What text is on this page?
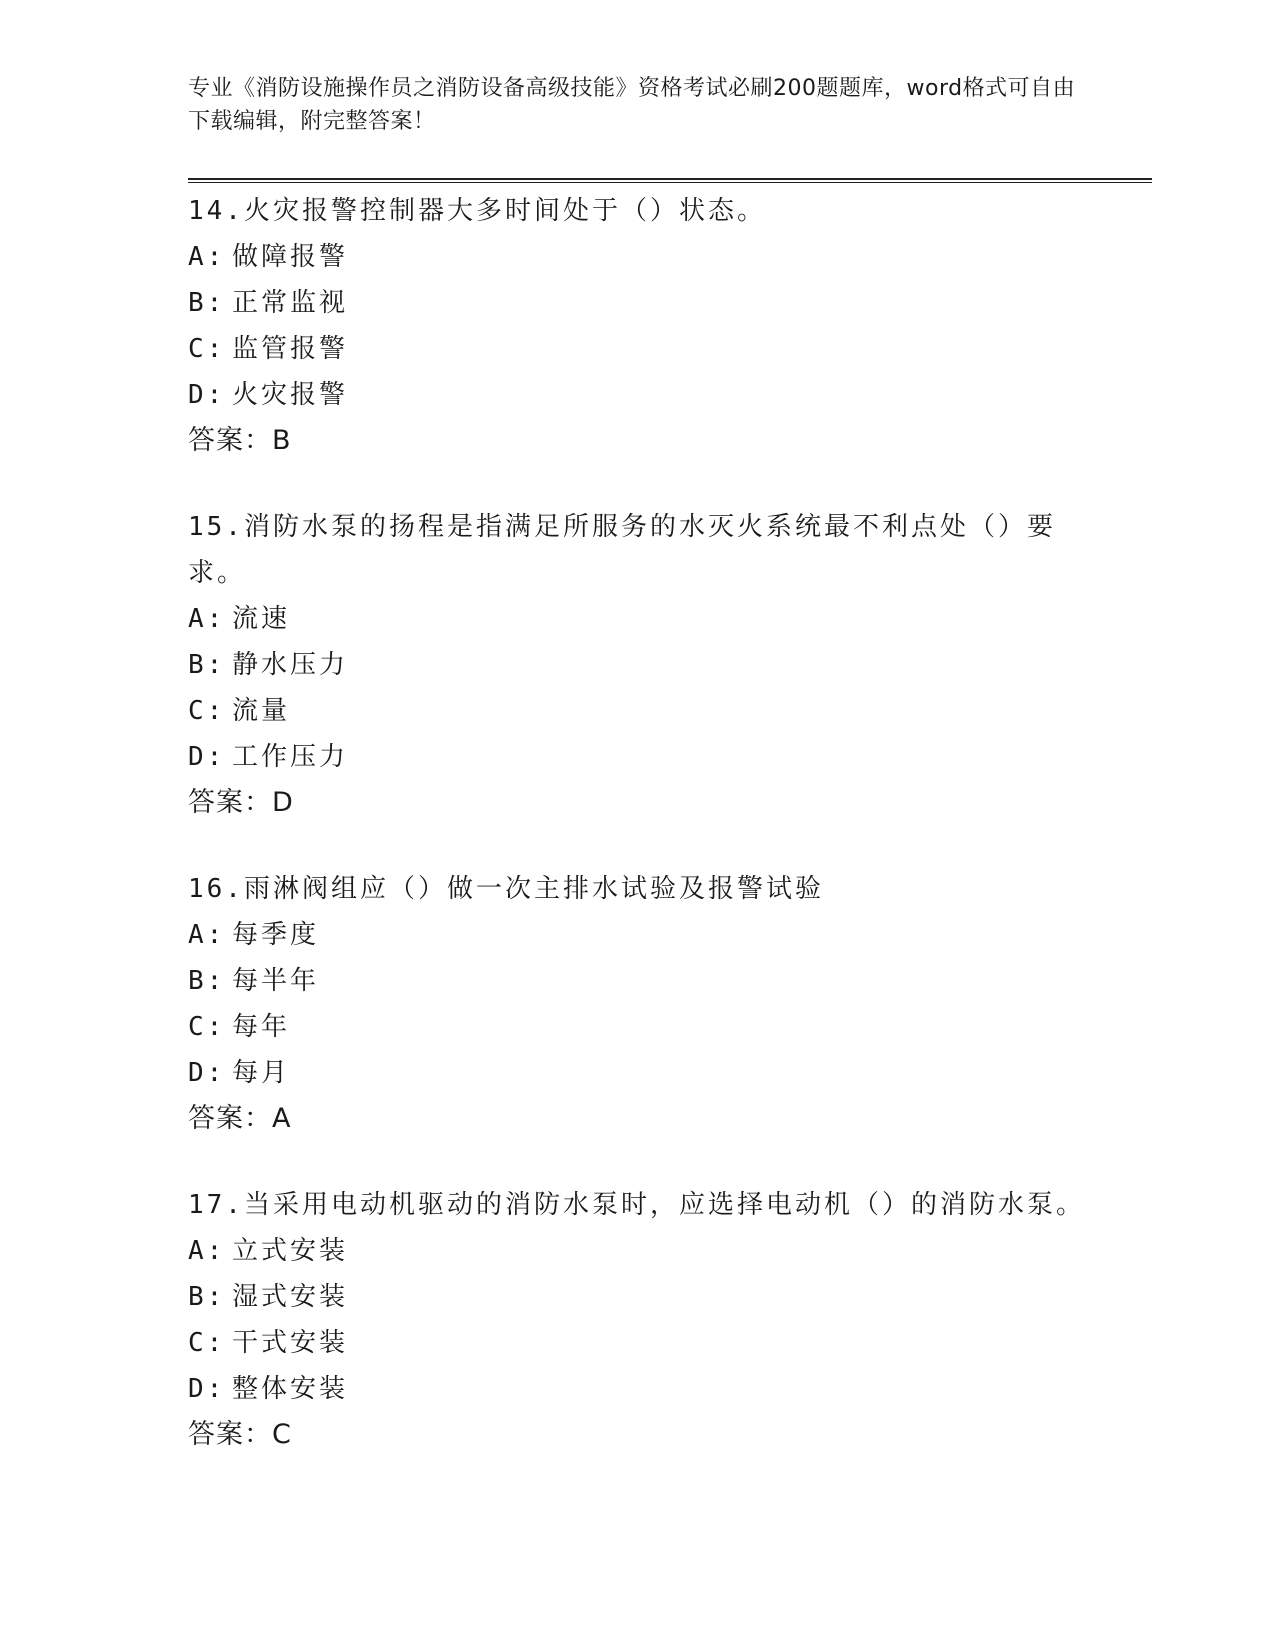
专业《消防设施操作员之消防设备高级技能》资格考试必刷200题题库，word格式可自由下载编辑，附完整答案！
14.火灾报警控制器大多时间处于（）状态。
A: 做障报警
B: 正常监视
C: 监管报警
D: 火灾报警
答案：B
15.消防水泵的扬程是指满足所服务的水灭火系统最不利点处（）要求。
A: 流速
B: 静水压力
C: 流量
D: 工作压力
答案：D
16.雨淋阀组应（）做一次主排水试验及报警试验
A: 每季度
B: 每半年
C: 每年
D: 每月
答案：A
17.当采用电动机驱动的消防水泵时，应选择电动机（）的消防水泵。
A: 立式安装
B: 湿式安装
C: 干式安装
D: 整体安装
答案：C
